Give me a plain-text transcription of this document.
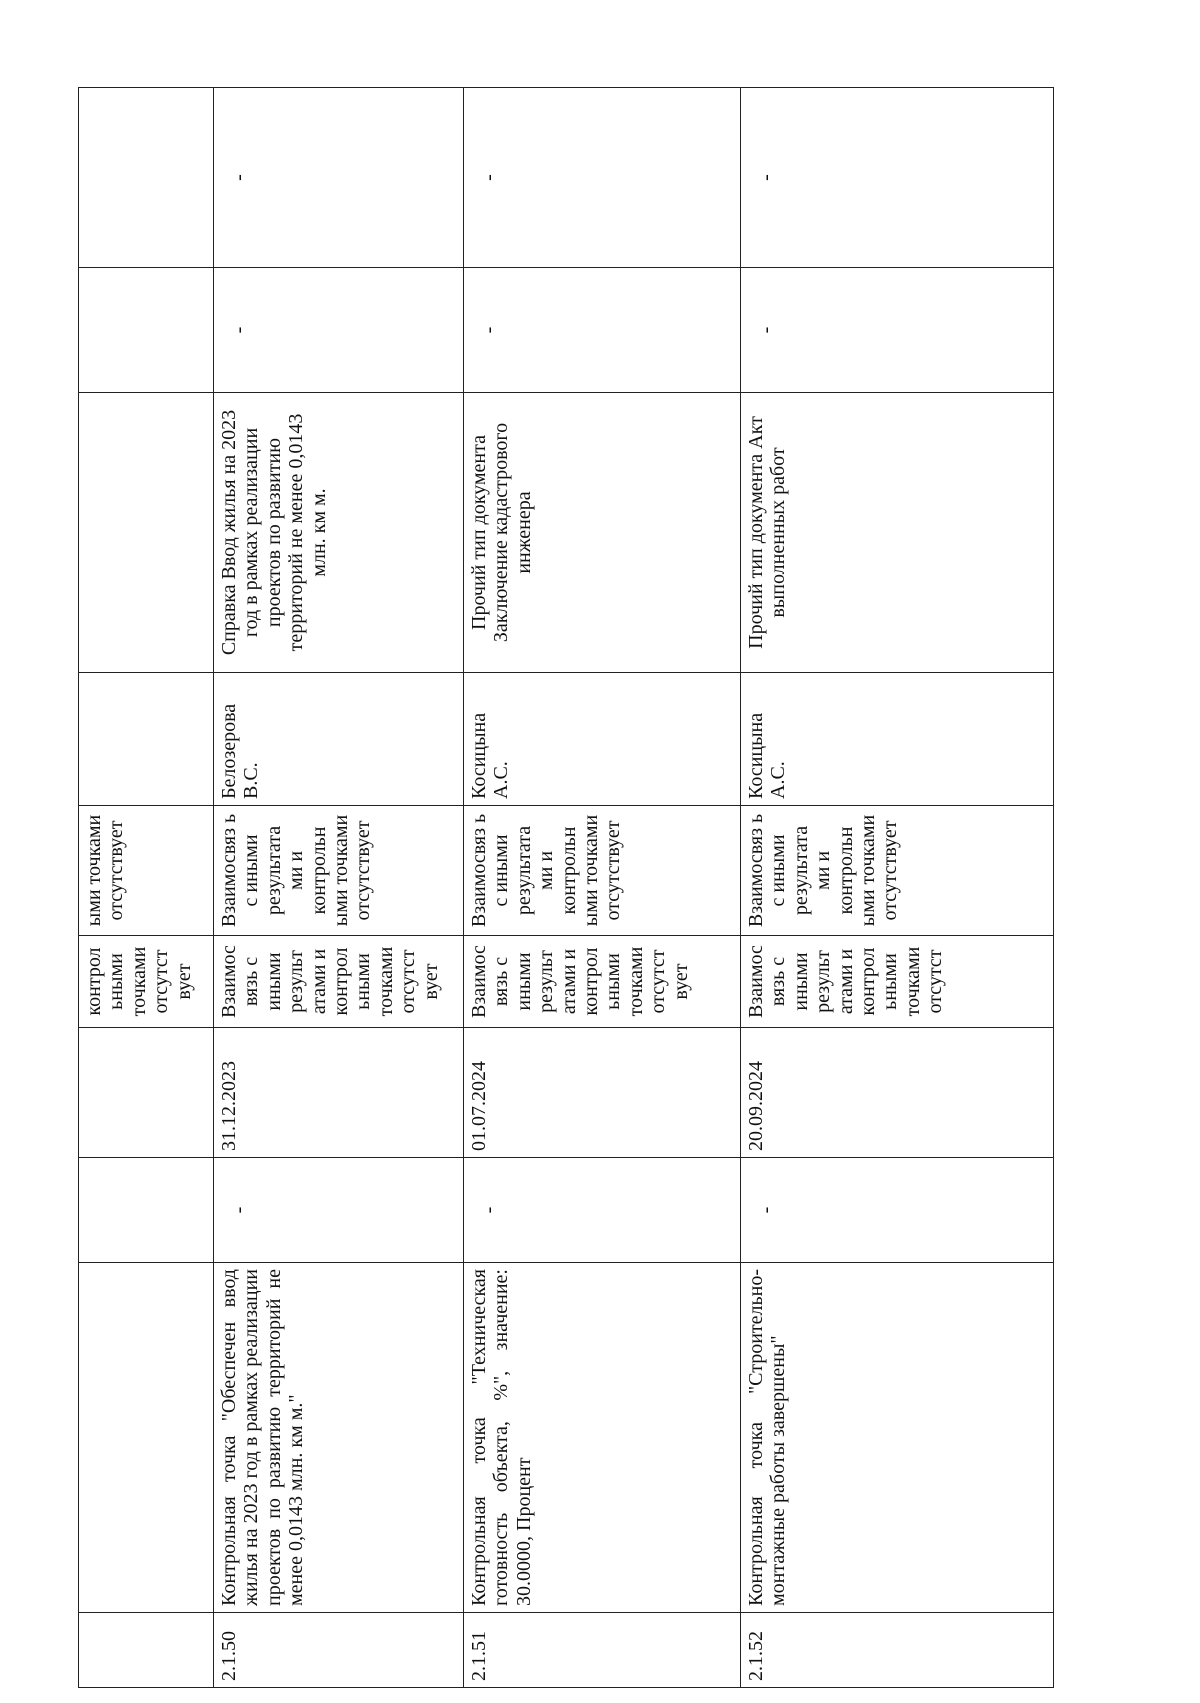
				контрол ьными точками отсутст вует	ыми точками отсутствует				
2.1.50	Контрольная точка "Обеспечен ввод жилья на 2023 год в рамках реализации проектов по развитию территорий не менее 0,0143 млн. км м."	-	31.12.2023	Взаимос вязь с иными результ атами и контрол ьными точками отсутст вует	Взаимосвяз ь с иными результата ми и контрольн ыми точками отсутствует	Белозерова В.С.	Справка Ввод жилья на 2023 год в рамках реализации проектов по развитию территорий не менее 0,0143 млн. км м.	-	-

2.1.51	Контрольная точка "Техническая готовность объекта, %", значение: 30.0000, Процент	-	01.07.2024	Взаимос вязь с иными результ атами и контрол ьными точками отсутст вует	Взаимосвяз ь с иными результата ми и контрольн ыми точками отсутствует	Косицына А.С.	Прочий тип документа Заключение кадастрового инженера	-	-

2.1.52	Контрольная точка "Строительно-монтажные работы завершены"	-	20.09.2024	Взаимос вязь с иными результ атами и контрол ьными точками отсутст	Взаимосвяз ь с иными результата ми и контрольн ыми точками отсутствует	Косицына А.С.	Прочий тип документа Акт выполненных работ	-	-
